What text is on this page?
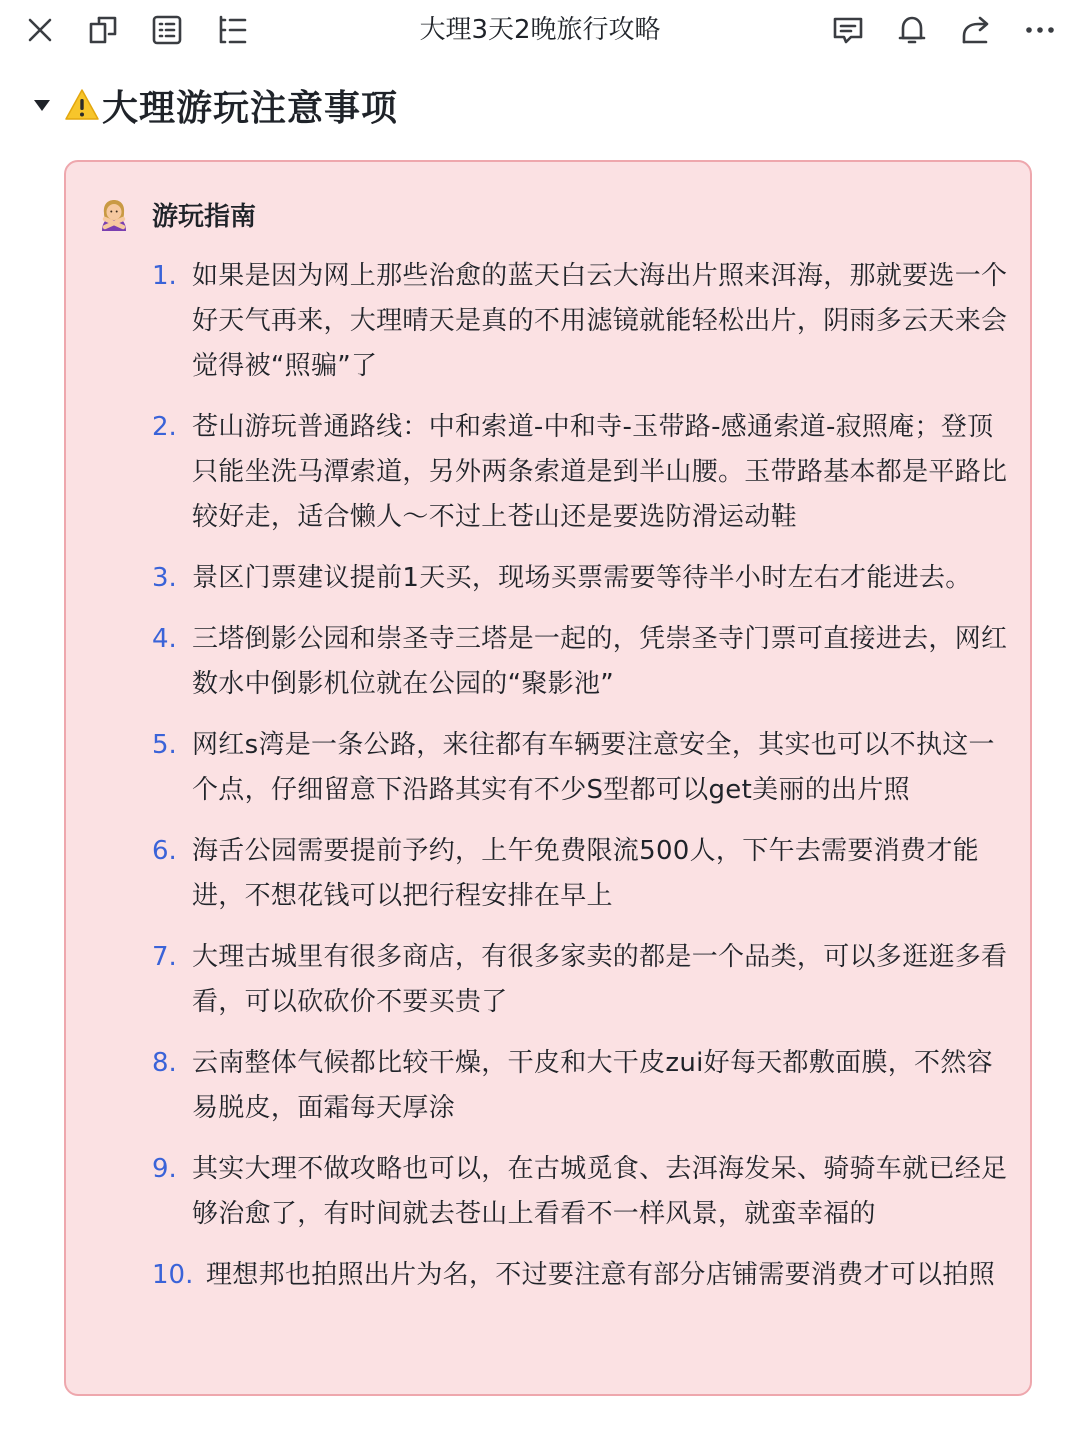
大理3天2晚旅行攻略
大理游玩注意事项
游玩指南
1. 如果是因为网上那些治愈的蓝天白云大海出片照来洱海，那就要选一个好天气再来，大理晴天是真的不用滤镜就能轻松出片，阴雨多云天来会觉得被“照骗”了
2. 苍山游玩普通路线：中和索道-中和寺-玉带路-感通索道-寂照庵；登顶只能坐洗马潭索道，另外两条索道是到半山腰。玉带路基本都是平路比较好走，适合懒人～不过上苍山还是要选防滑运动鞋
3. 景区门票建议提前1天买，现场买票需要等待半小时左右才能进去。
4. 三塔倒影公园和崇圣寺三塔是一起的，凭崇圣寺门票可直接进去，网红数水中倒影机位就在公园的“聚影池”
5. 网红s湾是一条公路，来往都有车辆要注意安全，其实也可以不执这一个点，仔细留意下沿路其实有不少S型都可以get美丽的出片照
6. 海舌公园需要提前予约，上午免费限流500人，下午去需要消费才能进，不想花钱可以把行程安排在早上
7. 大理古城里有很多商店，有很多家卖的都是一个品类，可以多逛逛多看看，可以砍砍价不要买贵了
8. 云南整体气候都比较干燥，干皮和大干皮zui好每天都敷面膜，不然容易脱皮，面霜每天厚涂
9. 其实大理不做攻略也可以，在古城觅食、去洱海发呆、骑骑车就已经足够治愈了，有时间就去苍山上看看不一样风景，就蛮幸福的
10. 理想邦也拍照出片为名，不过要注意有部分店铺需要消费才可以拍照
